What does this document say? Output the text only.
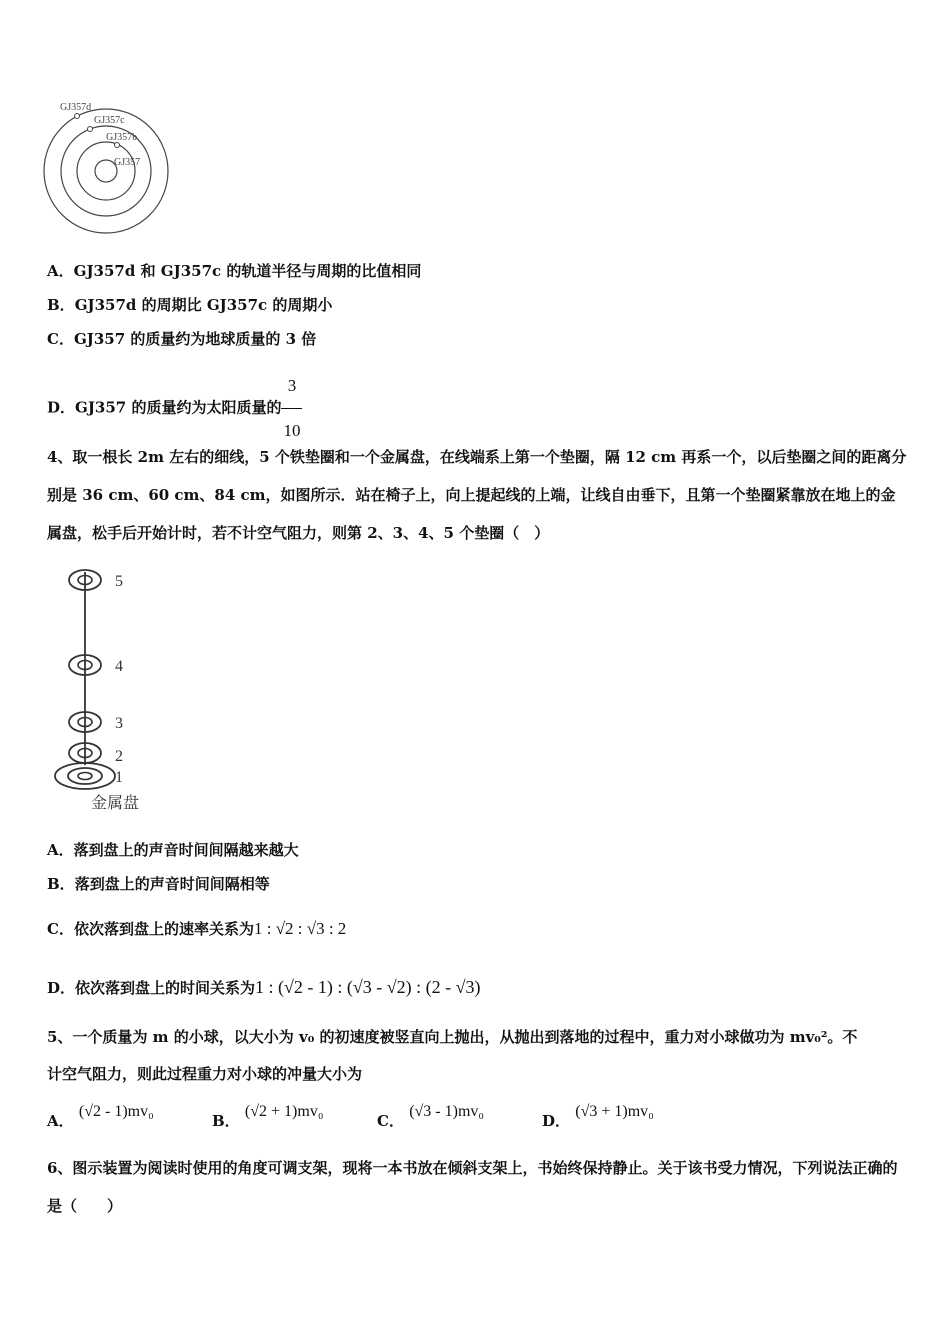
GJ357d
GJ357c
GJ357b
GJ357
A．GJ357d 和 GJ357c 的轨道半径与周期的比值相同
B．GJ357d 的周期比 GJ357c 的周期小
C．GJ357 的质量约为地球质量的 3 倍
D．GJ357 的质量约为太阳质量的 $\frac{3}{10}$
4、取一根长 2m 左右的细线，5 个铁垫圈和一个金属盘，在线端系上第一个垫圈，隔 12 cm 再系一个，以后垫圈之间的距离分别是 36 cm、60 cm、84 cm，如图所示．站在椅子上，向上提起线的上端，让线自由垂下，且第一个垫圈紧靠放在地上的金属盘，松手后开始计时，若不计空气阻力，则第 2、3、4、5 个垫圈（　）
5
4
3
2
1
金属盘
A．落到盘上的声音时间间隔越来越大
B．落到盘上的声音时间间隔相等
C．依次落到盘上的速率关系为1 : √2 : √3 : 2
D．依次落到盘上的时间关系为1 : (√2 - 1) : (√3 - √2) : (2 - √3)
5、一个质量为 m 的小球，以大小为 v₀ 的初速度被竖直向上抛出，从抛出到落地的过程中，重力对小球做功为 mv₀²。不
计空气阻力，则此过程重力对小球的冲量大小为
A． (√2 - 1)mv₀
B． (√2 + 1)mv₀
C． (√3 - 1)mv₀
D． (√3 + 1)mv₀
6、图示装置为阅读时使用的角度可调支架，现将一本书放在倾斜支架上，书始终保持静止。关于该书受力情况，下列说法正确的是（　　）
